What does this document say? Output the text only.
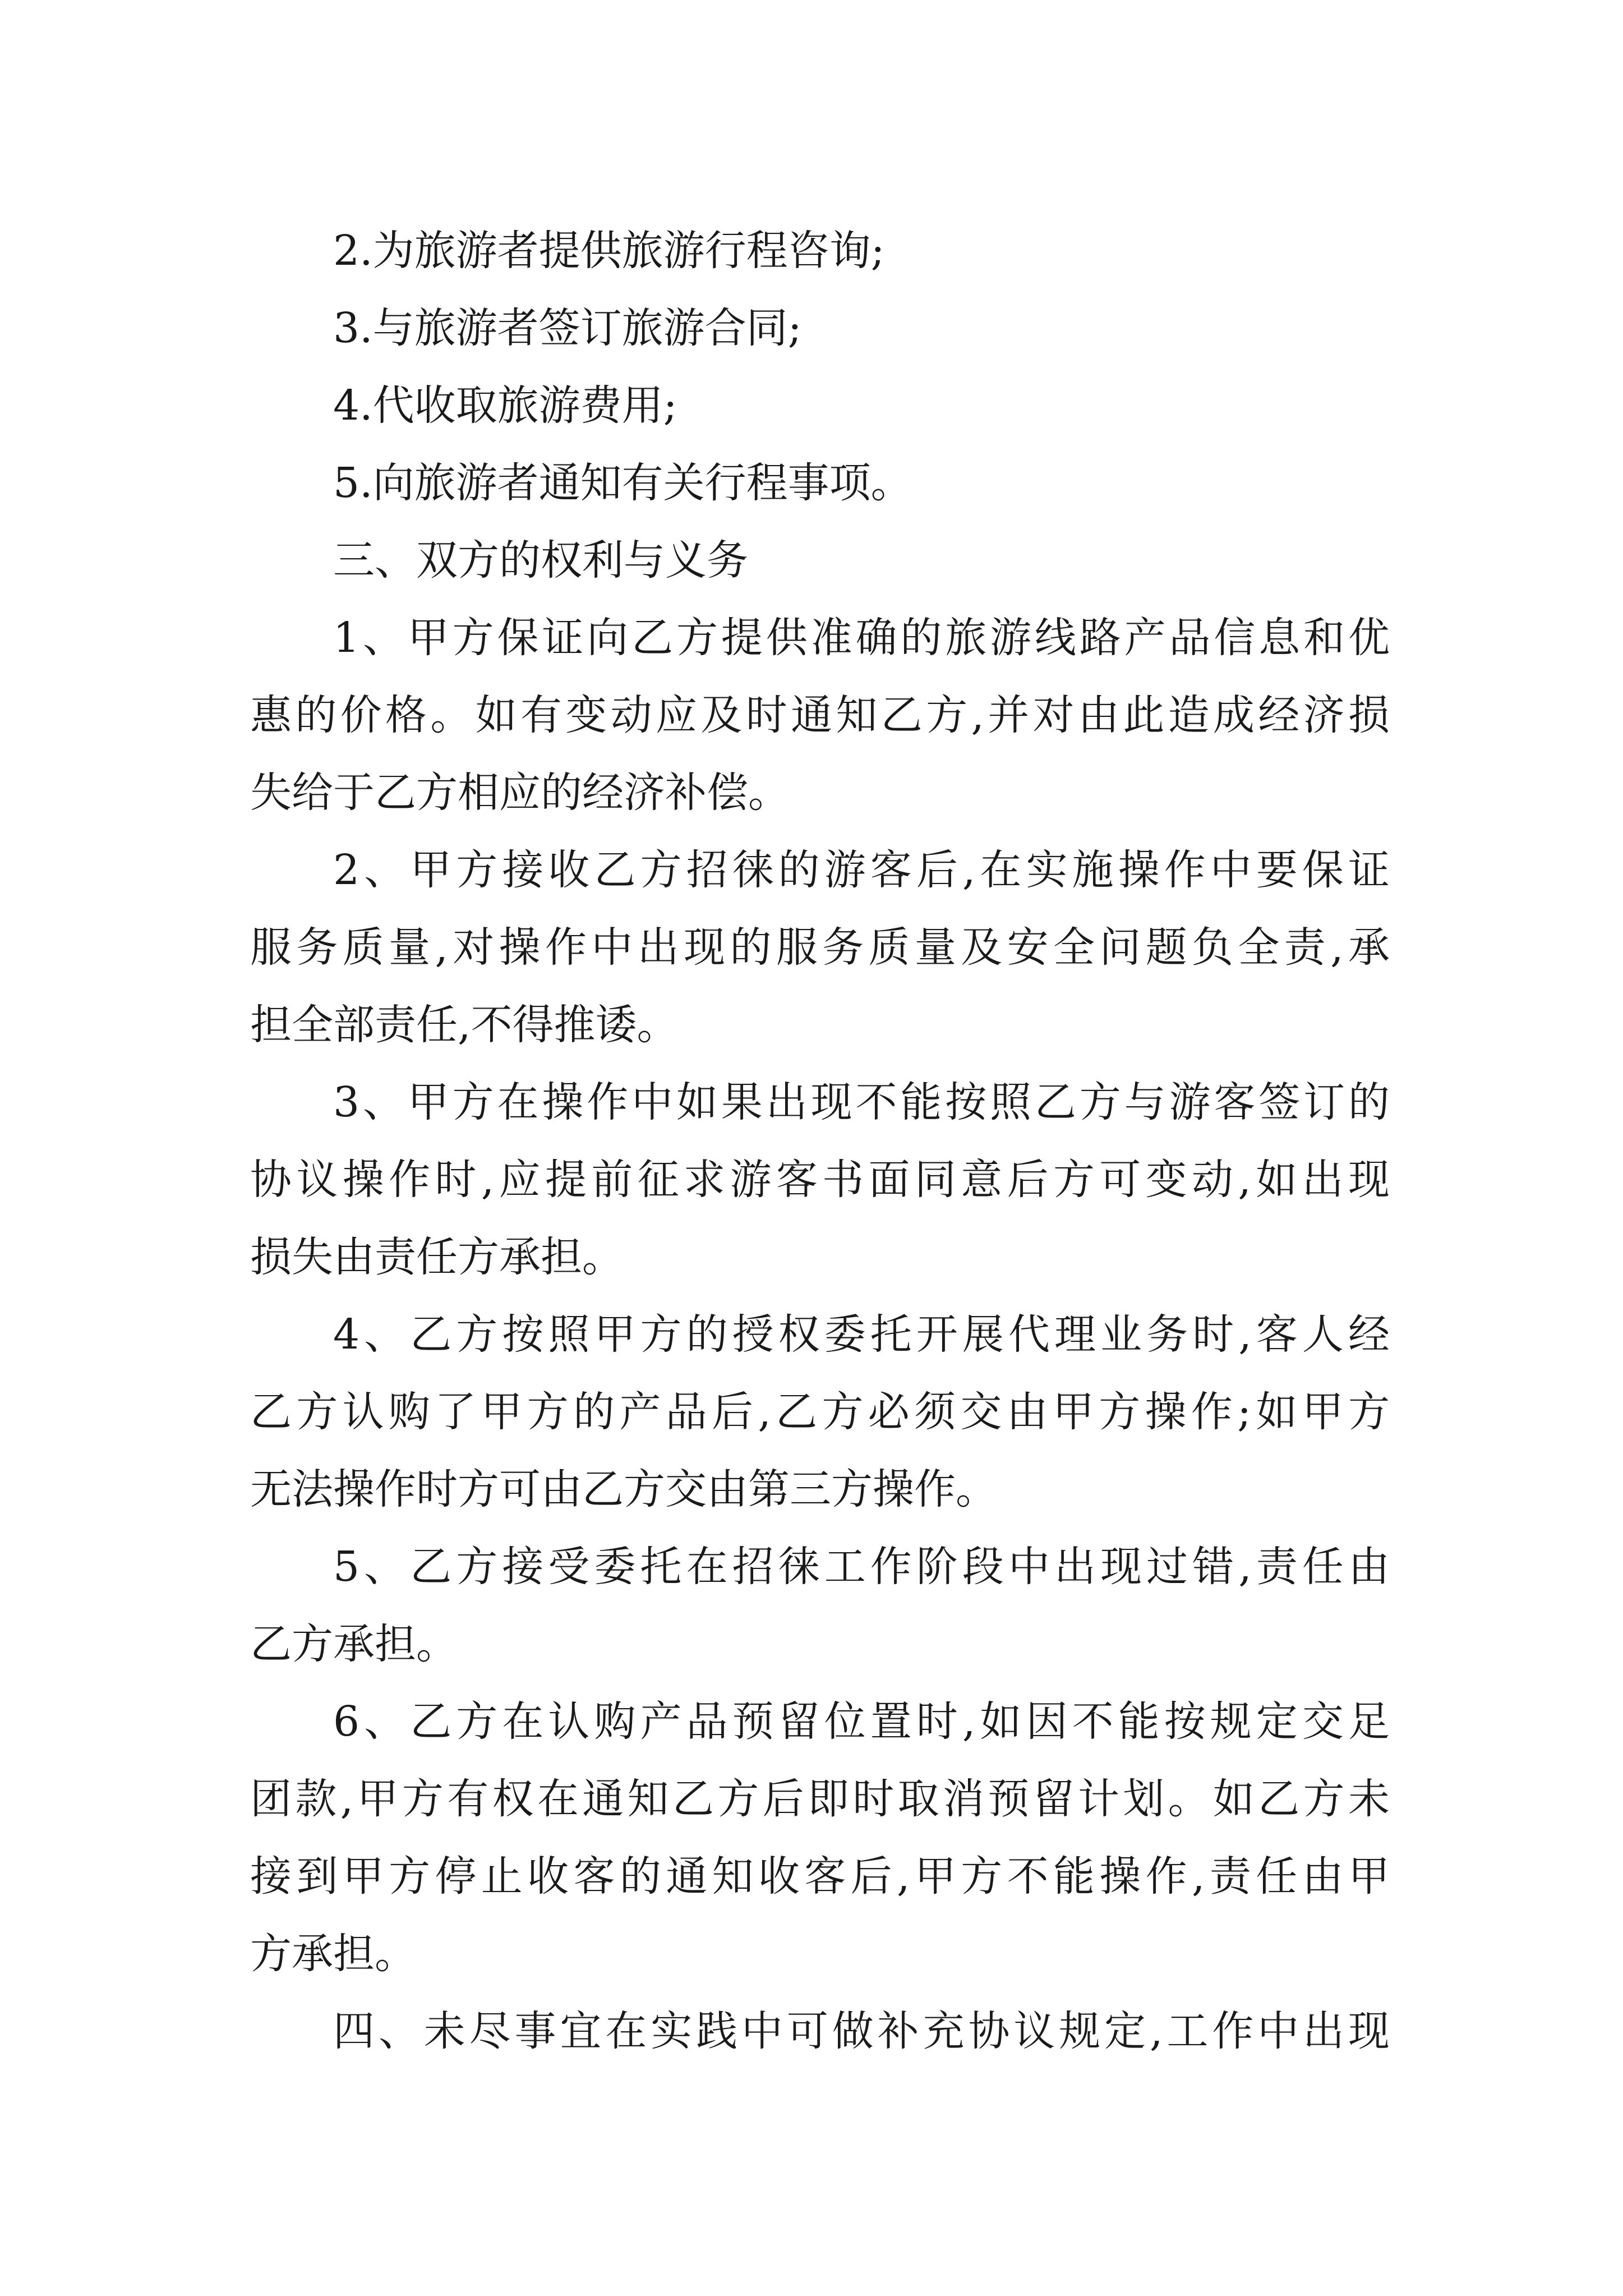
2.为旅游者提供旅游行程咨询;
3.与旅游者签订旅游合同;
4.代收取旅游费用;
5.向旅游者通知有关行程事项。
三、双方的权利与义务
1、甲方保证向乙方提供准确的旅游线路产品信息和优
惠的价格。如有变动应及时通知乙方,并对由此造成经济损
失给于乙方相应的经济补偿。
2、甲方接收乙方招徕的游客后,在实施操作中要保证
服务质量,对操作中出现的服务质量及安全问题负全责,承
担全部责任,不得推诿。
3、甲方在操作中如果出现不能按照乙方与游客签订的
协议操作时,应提前征求游客书面同意后方可变动,如出现
损失由责任方承担。
4、乙方按照甲方的授权委托开展代理业务时,客人经
乙方认购了甲方的产品后,乙方必须交由甲方操作;如甲方
无法操作时方可由乙方交由第三方操作。
5、乙方接受委托在招徕工作阶段中出现过错,责任由
乙方承担。
6、乙方在认购产品预留位置时,如因不能按规定交足
团款,甲方有权在通知乙方后即时取消预留计划。如乙方未
接到甲方停止收客的通知收客后,甲方不能操作,责任由甲
方承担。
四、未尽事宜在实践中可做补充协议规定,工作中出现
